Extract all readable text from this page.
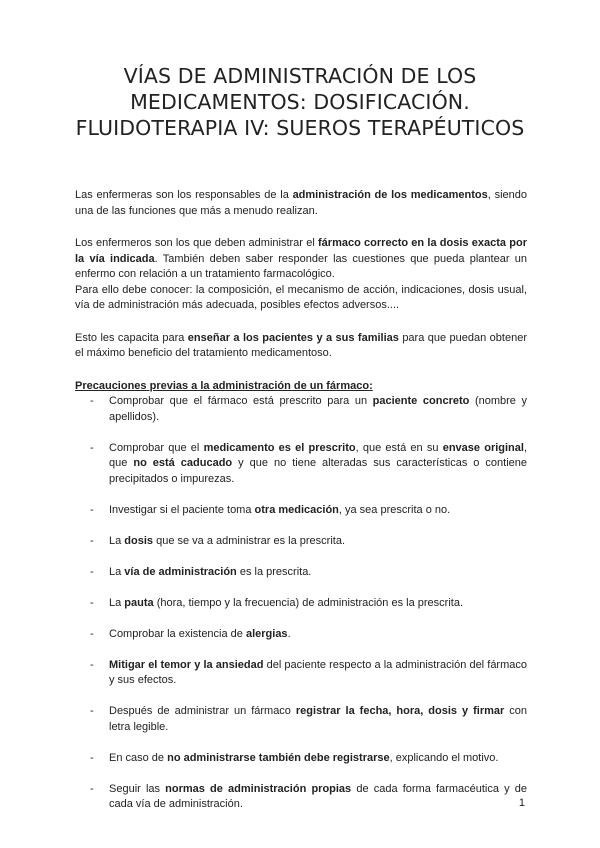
VÍAS DE ADMINISTRACIÓN DE LOS MEDICAMENTOS: DOSIFICACIÓN. FLUIDOTERAPIA IV: SUEROS TERAPÉUTICOS

Las enfermeras son los responsables de la administración de los medicamentos, siendo una de las funciones que más a menudo realizan.

Los enfermeros son los que deben administrar el fármaco correcto en la dosis exacta por la vía indicada. También deben saber responder las cuestiones que pueda plantear un enfermo con relación a un tratamiento farmacológico.

Para ello debe conocer: la composición, el mecanismo de acción, indicaciones, dosis usual, vía de administración más adecuada, posibles efectos adversos....

Esto les capacita para enseñar a los pacientes y a sus familias para que puedan obtener el máximo beneficio del tratamiento medicamentoso.

Precauciones previas a la administración de un fármaco:

- Comprobar que el fármaco está prescrito para un paciente concreto (nombre y apellidos).
- Comprobar que el medicamento es el prescrito, que está en su envase original, que no está caducado y que no tiene alteradas sus características o contiene precipitados o impurezas.
- Investigar si el paciente toma otra medicación, ya sea prescrita o no.
- La dosis que se va a administrar es la prescrita.
- La vía de administración es la prescrita.
- La pauta (hora, tiempo y la frecuencia) de administración es la prescrita.
- Comprobar la existencia de alergias.
- Mitigar el temor y la ansiedad del paciente respecto a la administración del fármaco y sus efectos.
- Después de administrar un fármaco registrar la fecha, hora, dosis y firmar con letra legible.
- En caso de no administrarse también debe registrarse, explicando el motivo.
- Seguir las normas de administración propias de cada forma farmacéutica y de cada vía de administración.	1
